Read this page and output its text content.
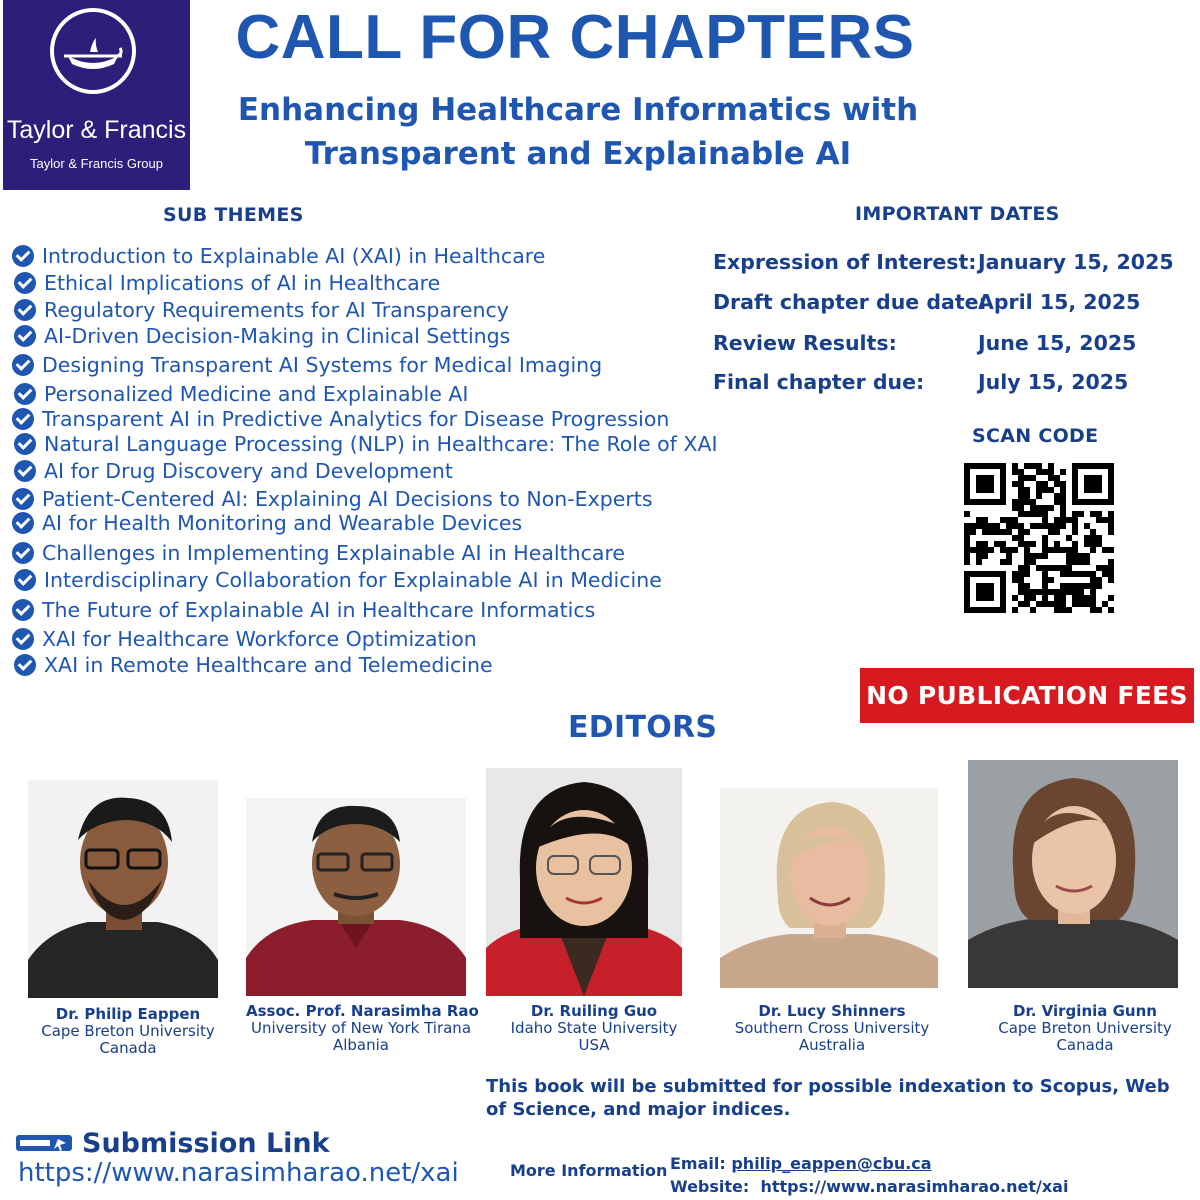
Taylor & Francis
Taylor & Francis Group
CALL FOR CHAPTERS
Enhancing Healthcare Informatics with
Transparent and Explainable AI
SUB THEMES
Introduction to Explainable AI (XAI) in Healthcare
Ethical Implications of AI in Healthcare
Regulatory Requirements for AI Transparency
AI-Driven Decision-Making in Clinical Settings
Designing Transparent AI Systems for Medical Imaging
Personalized Medicine and Explainable AI
Transparent AI in Predictive Analytics for Disease Progression
Natural Language Processing (NLP) in Healthcare: The Role of XAI
AI for Drug Discovery and Development
Patient-Centered AI: Explaining AI Decisions to Non-Experts
AI for Health Monitoring and Wearable Devices
Challenges in Implementing Explainable AI in Healthcare
Interdisciplinary Collaboration for Explainable AI in Medicine
The Future of Explainable AI in Healthcare Informatics
XAI for Healthcare Workforce Optimization
XAI in Remote Healthcare and Telemedicine
IMPORTANT DATES
Expression of Interest:January 15, 2025
Draft chapter due date:April 15, 2025
Review Results:	June 15, 2025
Final chapter due:	July 15, 2025
SCAN CODE
NO PUBLICATION FEES
EDITORS
Dr. Philip Eappen
Cape Breton University
Canada
Assoc. Prof. Narasimha Rao
University of New York Tirana
Albania
Dr. Ruiling Guo
Idaho State University
USA
Dr. Lucy Shinners
Southern Cross University
Australia
Dr. Virginia Gunn
Cape Breton University
Canada
This book will be submitted for possible indexation to Scopus, Web of Science, and major indices.
Submission Link
https://www.narasimharao.net/xai	More Information Email: philip_eappen@cbu.ca
Website: https://www.narasimharao.net/xai
